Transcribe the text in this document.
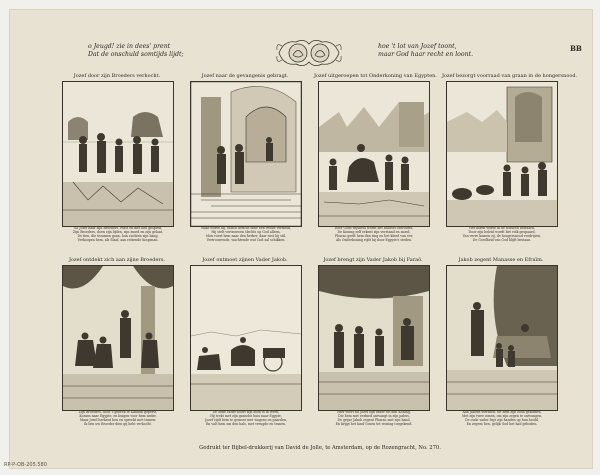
o Jeugd! zie in dees' prent
Dat de onschuld somtijds lijdt;
hoe 't lot van Jozef toont,
maar God haar recht en loont.
BB
Jozef door zijn Broeders verkocht.
Ga Jozef naar zijn Broeders, twist en met hen gesprek,
Zijn Broeders, doen zijn lijden, zijn moed en zijn gelaat,
De tien, die tezamen gaan, hun zuchten zijn bang,
Verkoopen hem, als Slaaf, aan reizende Koopman.
Jozef naar de gevangenis gebragt.
Want wordt hij, valsch beticht door een vrouw vermeld,
Hij stelt vertrouwen slechts op God alleen,
Men voert hem naar den kerker, daar rust hij stil,
Vertrouwende, wachtende wat God zal schikken.
Jozef uitgeroepen tot Onderkoning van Egypten.
Door Gods wijsheid wordt het raadsel ontvouwd,
De Koning zelf erkent zijn verstand en moed,
Pharao geeft hem den ring en het kleed van eer,
Als Onderkoning rijdt hij door Egypte's steden.
Jozef bezorgt voorraad van graan in de hongersnood.
Het koren wordt in de schuren bewaard,
Door zijn beleid wordt het volk gespaard,
Van verre komen zij, de hongersnood verdrijven,
De Goedheid van God blijft bestaan.
Jozef ontdekt zich aan zijne Broeders.
Zijn Broeders, door 't gebrek te Kanaän geperst,
Komen naar Egypte, en buigen voor hem neder,
Maar Jozef herkent hen en spreekt met tranen:
Ik ben uw Broeder dien gij hebt verkocht.
Jozef ontmoet zijnen Vader Jakob.
De oude vader hoort zijn zoon is in leven,
Hij trekt met zijn gansche huis naar Egypte,
Jozef rijdt hem te gemoet met wagens en paarden,
En valt hem om den hals, met vreugde en tranen.
Jozef brengt zijn Vader Jakob bij Faraö.
Hier voert nu Jozef zijn vader tot den Koning,
Die hem met eerbied ontvangt in zijn paleis,
De grijze Jakob zegent Pharao met zijn hand,
En krijgt het land Gosen tot woning toegekend.
Jakob zegent Manasse en Efraïm.
Aan Jakobs sterfbed, tot hem zijn zoon gekomen,
Met zijn twee zonen, om zijn zegen te ontvangen,
De oude vader legt zijn handen op hun hoofd,
En zegent hen, gelijk God het had geboden.
Gedrukt ter Bijbel-drukkerij van David de Jolle, te Amsterdam, op de Rozengracht, No. 270.
RP-P-OB-205.580
